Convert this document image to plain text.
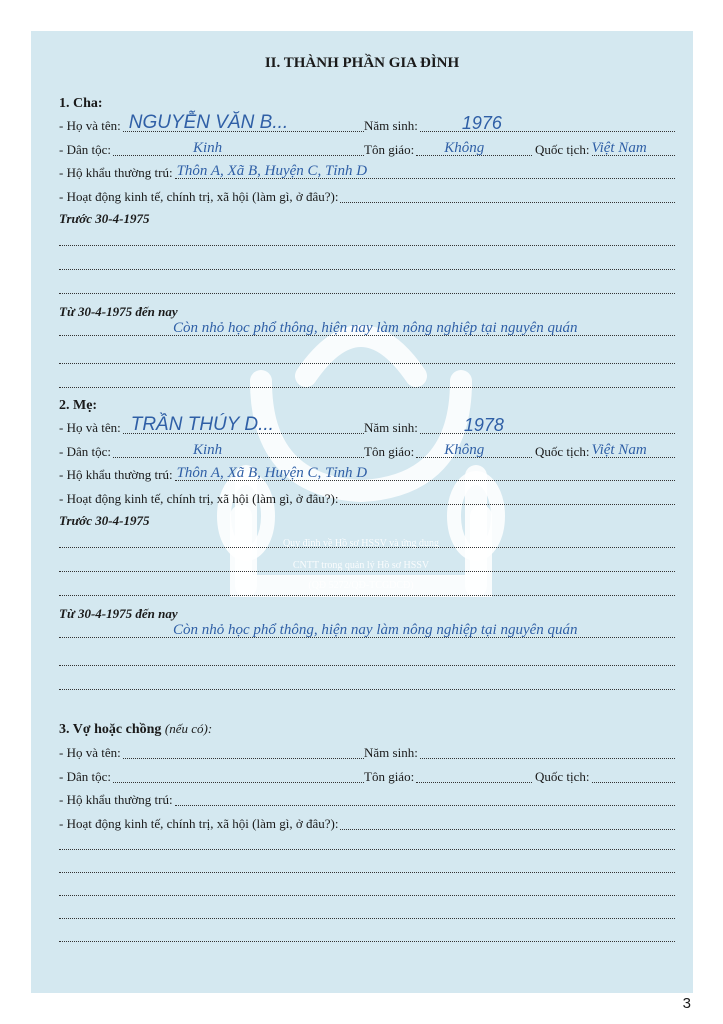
Quy định về Hồ sơ HSSV và ứng dụng
CNTT trong quản lý Hồ sơ HSSV
(QĐ 5272/QĐ-TCGDCĐ)
II. THÀNH PHẦN GIA ĐÌNH
1. Cha:
- Họ và tên: NGUYỄN VĂN B...	Năm sinh: 1976
- Dân tộc:	Kinh	Tôn giáo: Không	Quốc tịch: Việt Nam
- Hộ khẩu thường trú: Thôn A, Xã B, Huyện C, Tỉnh D
- Hoạt động kinh tế, chính trị, xã hội (làm gì, ở đâu?):
Trước 30-4-1975
Từ 30-4-1975 đến nay
Còn nhỏ học phổ thông, hiện nay làm nông nghiệp tại nguyên quán
2. Mẹ:
- Họ và tên: TRẦN THÚY D...	Năm sinh:	1978
- Dân tộc:	Kinh	Tôn giáo: Không	Quốc tịch: Việt Nam
- Hộ khẩu thường trú: Thôn A, Xã B, Huyện C, Tỉnh D
- Hoạt động kinh tế, chính trị, xã hội (làm gì, ở đâu?):
Trước 30-4-1975
Từ 30-4-1975 đến nay
Còn nhỏ học phổ thông, hiện nay làm nông nghiệp tại nguyên quán
3. Vợ hoặc chồng (nếu có):
- Họ và tên:	Năm sinh:
- Dân tộc:	Tôn giáo:	Quốc tịch:
- Hộ khẩu thường trú:
- Hoạt động kinh tế, chính trị, xã hội (làm gì, ở đâu?):
3
